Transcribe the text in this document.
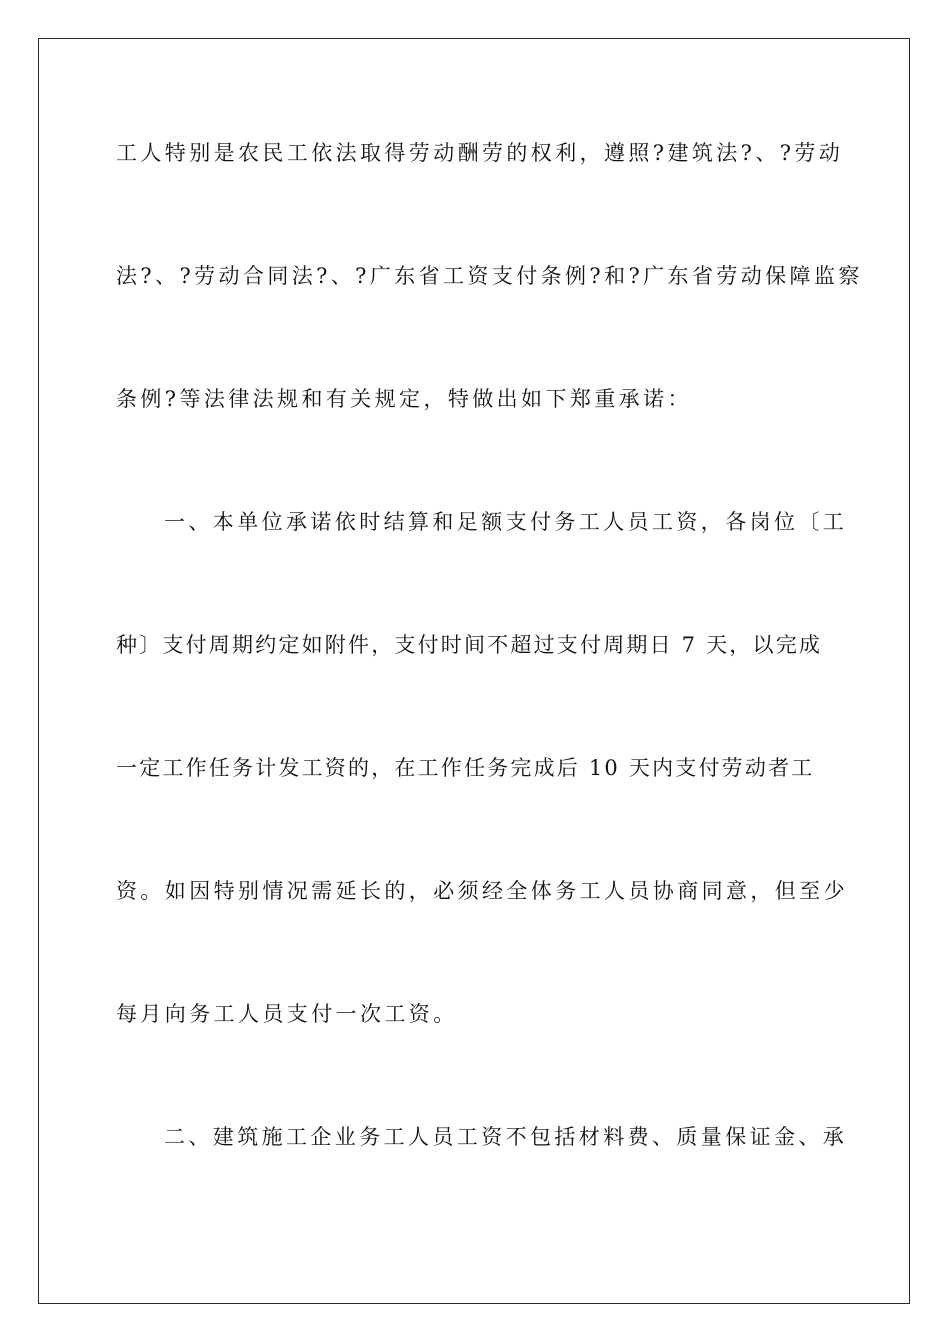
工人特别是农民工依法取得劳动酬劳的权利，遵照?建筑法?、?劳动
法?、?劳动合同法?、?广东省工资支付条例?和?广东省劳动保障监察
条例?等法律法规和有关规定，特做出如下郑重承诺：
一、本单位承诺依时结算和足额支付务工人员工资，各岗位〔工
种〕支付周期约定如附件，支付时间不超过支付周期日 7 天，以完成
一定工作任务计发工资的，在工作任务完成后 10 天内支付劳动者工
资。如因特别情况需延长的，必须经全体务工人员协商同意，但至少
每月向务工人员支付一次工资。
二、建筑施工企业务工人员工资不包括材料费、质量保证金、承
